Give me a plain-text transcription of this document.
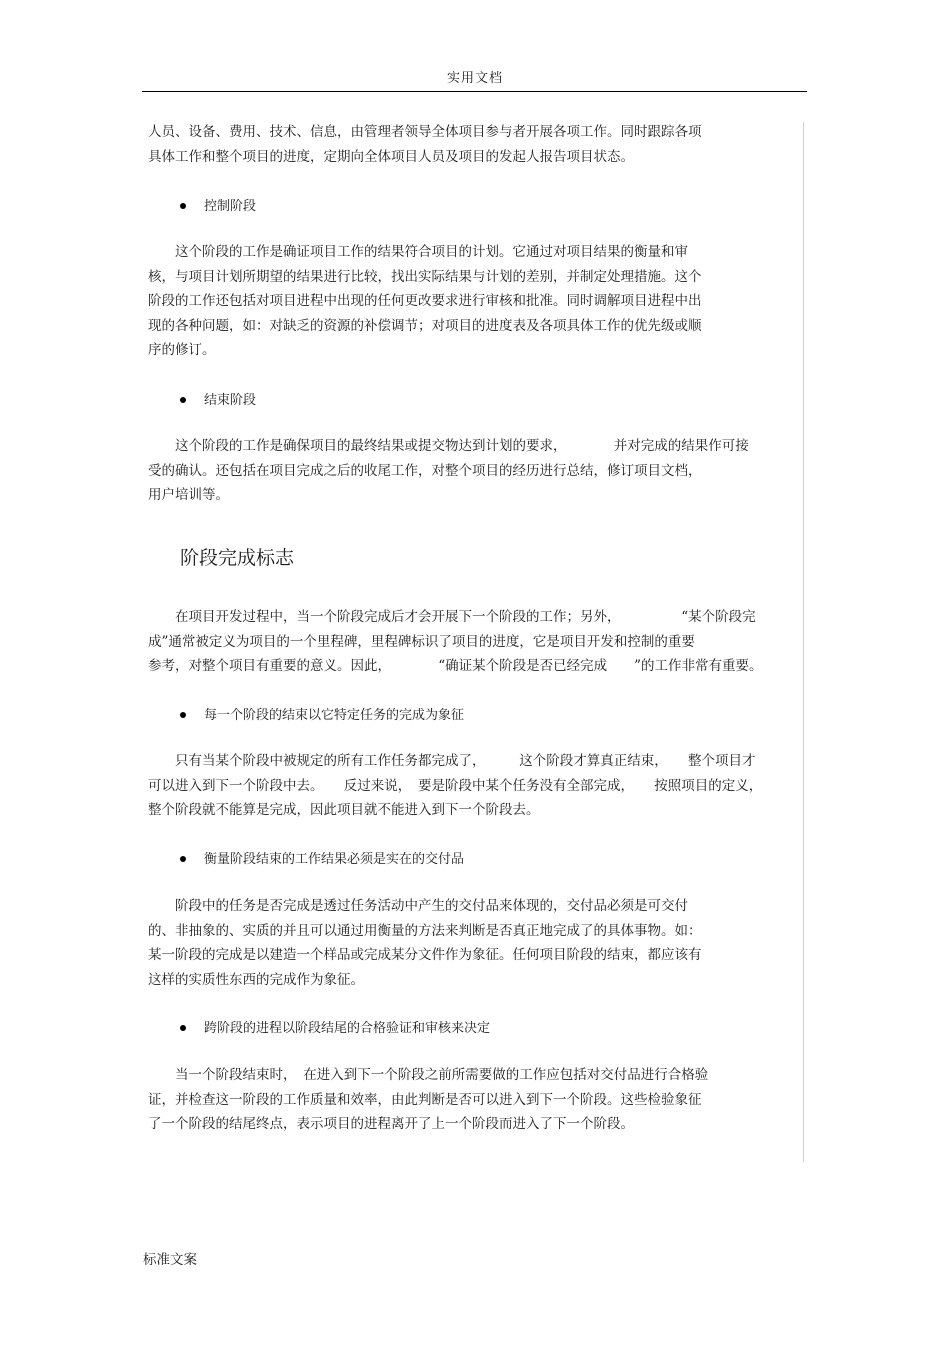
实用文档

人员、设备、费用、技术、信息，由管理者领导全体项目参与者开展各项工作。同时跟踪各项
具体工作和整个项目的进度，定期向全体项目人员及项目的发起人报告项目状态。

控制阶段

　　这个阶段的工作是确证项目工作的结果符合项目的计划。它通过对项目结果的衡量和审
核，与项目计划所期望的结果进行比较，找出实际结果与计划的差别，并制定处理措施。这个
阶段的工作还包括对项目进程中出现的任何更改要求进行审核和批准。同时调解项目进程中出
现的各种问题，如：对缺乏的资源的补偿调节；对项目的进度表及各项具体工作的优先级或顺
序的修订。

结束阶段

　　这个阶段的工作是确保项目的最终结果或提交物达到计划的要求，　　　　并对完成的结果作可接
受的确认。还包括在项目完成之后的收尾工作，对整个项目的经历进行总结，修订项目文档，
用户培训等。

阶段完成标志

　　在项目开发过程中，当一个阶段完成后才会开展下一个阶段的工作；另外，　　　　　“某个阶段完
成”通常被定义为项目的一个里程碑，里程碑标识了项目的进度，它是项目开发和控制的重要
参考，对整个项目有重要的意义。因此，　　　　“确证某个阶段是否已经完成　　”的工作非常有重要。

每一个阶段的结束以它特定任务的完成为象征

　　只有当某个阶段中被规定的所有工作任务都完成了，　　　这个阶段才算真正结束，　　整个项目才
可以进入到下一个阶段中去。　　反过来说，　要是阶段中某个任务没有全部完成，　　按照项目的定义，
整个阶段就不能算是完成，因此项目就不能进入到下一个阶段去。

衡量阶段结束的工作结果必须是实在的交付品

　　阶段中的任务是否完成是透过任务活动中产生的交付品来体现的，交付品必须是可交付
的、非抽象的、实质的并且可以通过用衡量的方法来判断是否真正地完成了的具体事物。如：
某一阶段的完成是以建造一个样品或完成某分文件作为象征。任何项目阶段的结束，都应该有
这样的实质性东西的完成作为象征。

跨阶段的进程以阶段结尾的合格验证和审核来决定

　　当一个阶段结束时，　在进入到下一个阶段之前所需要做的工作应包括对交付品进行合格验
证，并检查这一阶段的工作质量和效率，由此判断是否可以进入到下一个阶段。这些检验象征
了一个阶段的结尾终点，表示项目的进程离开了上一个阶段而进入了下一个阶段。

标准文案
